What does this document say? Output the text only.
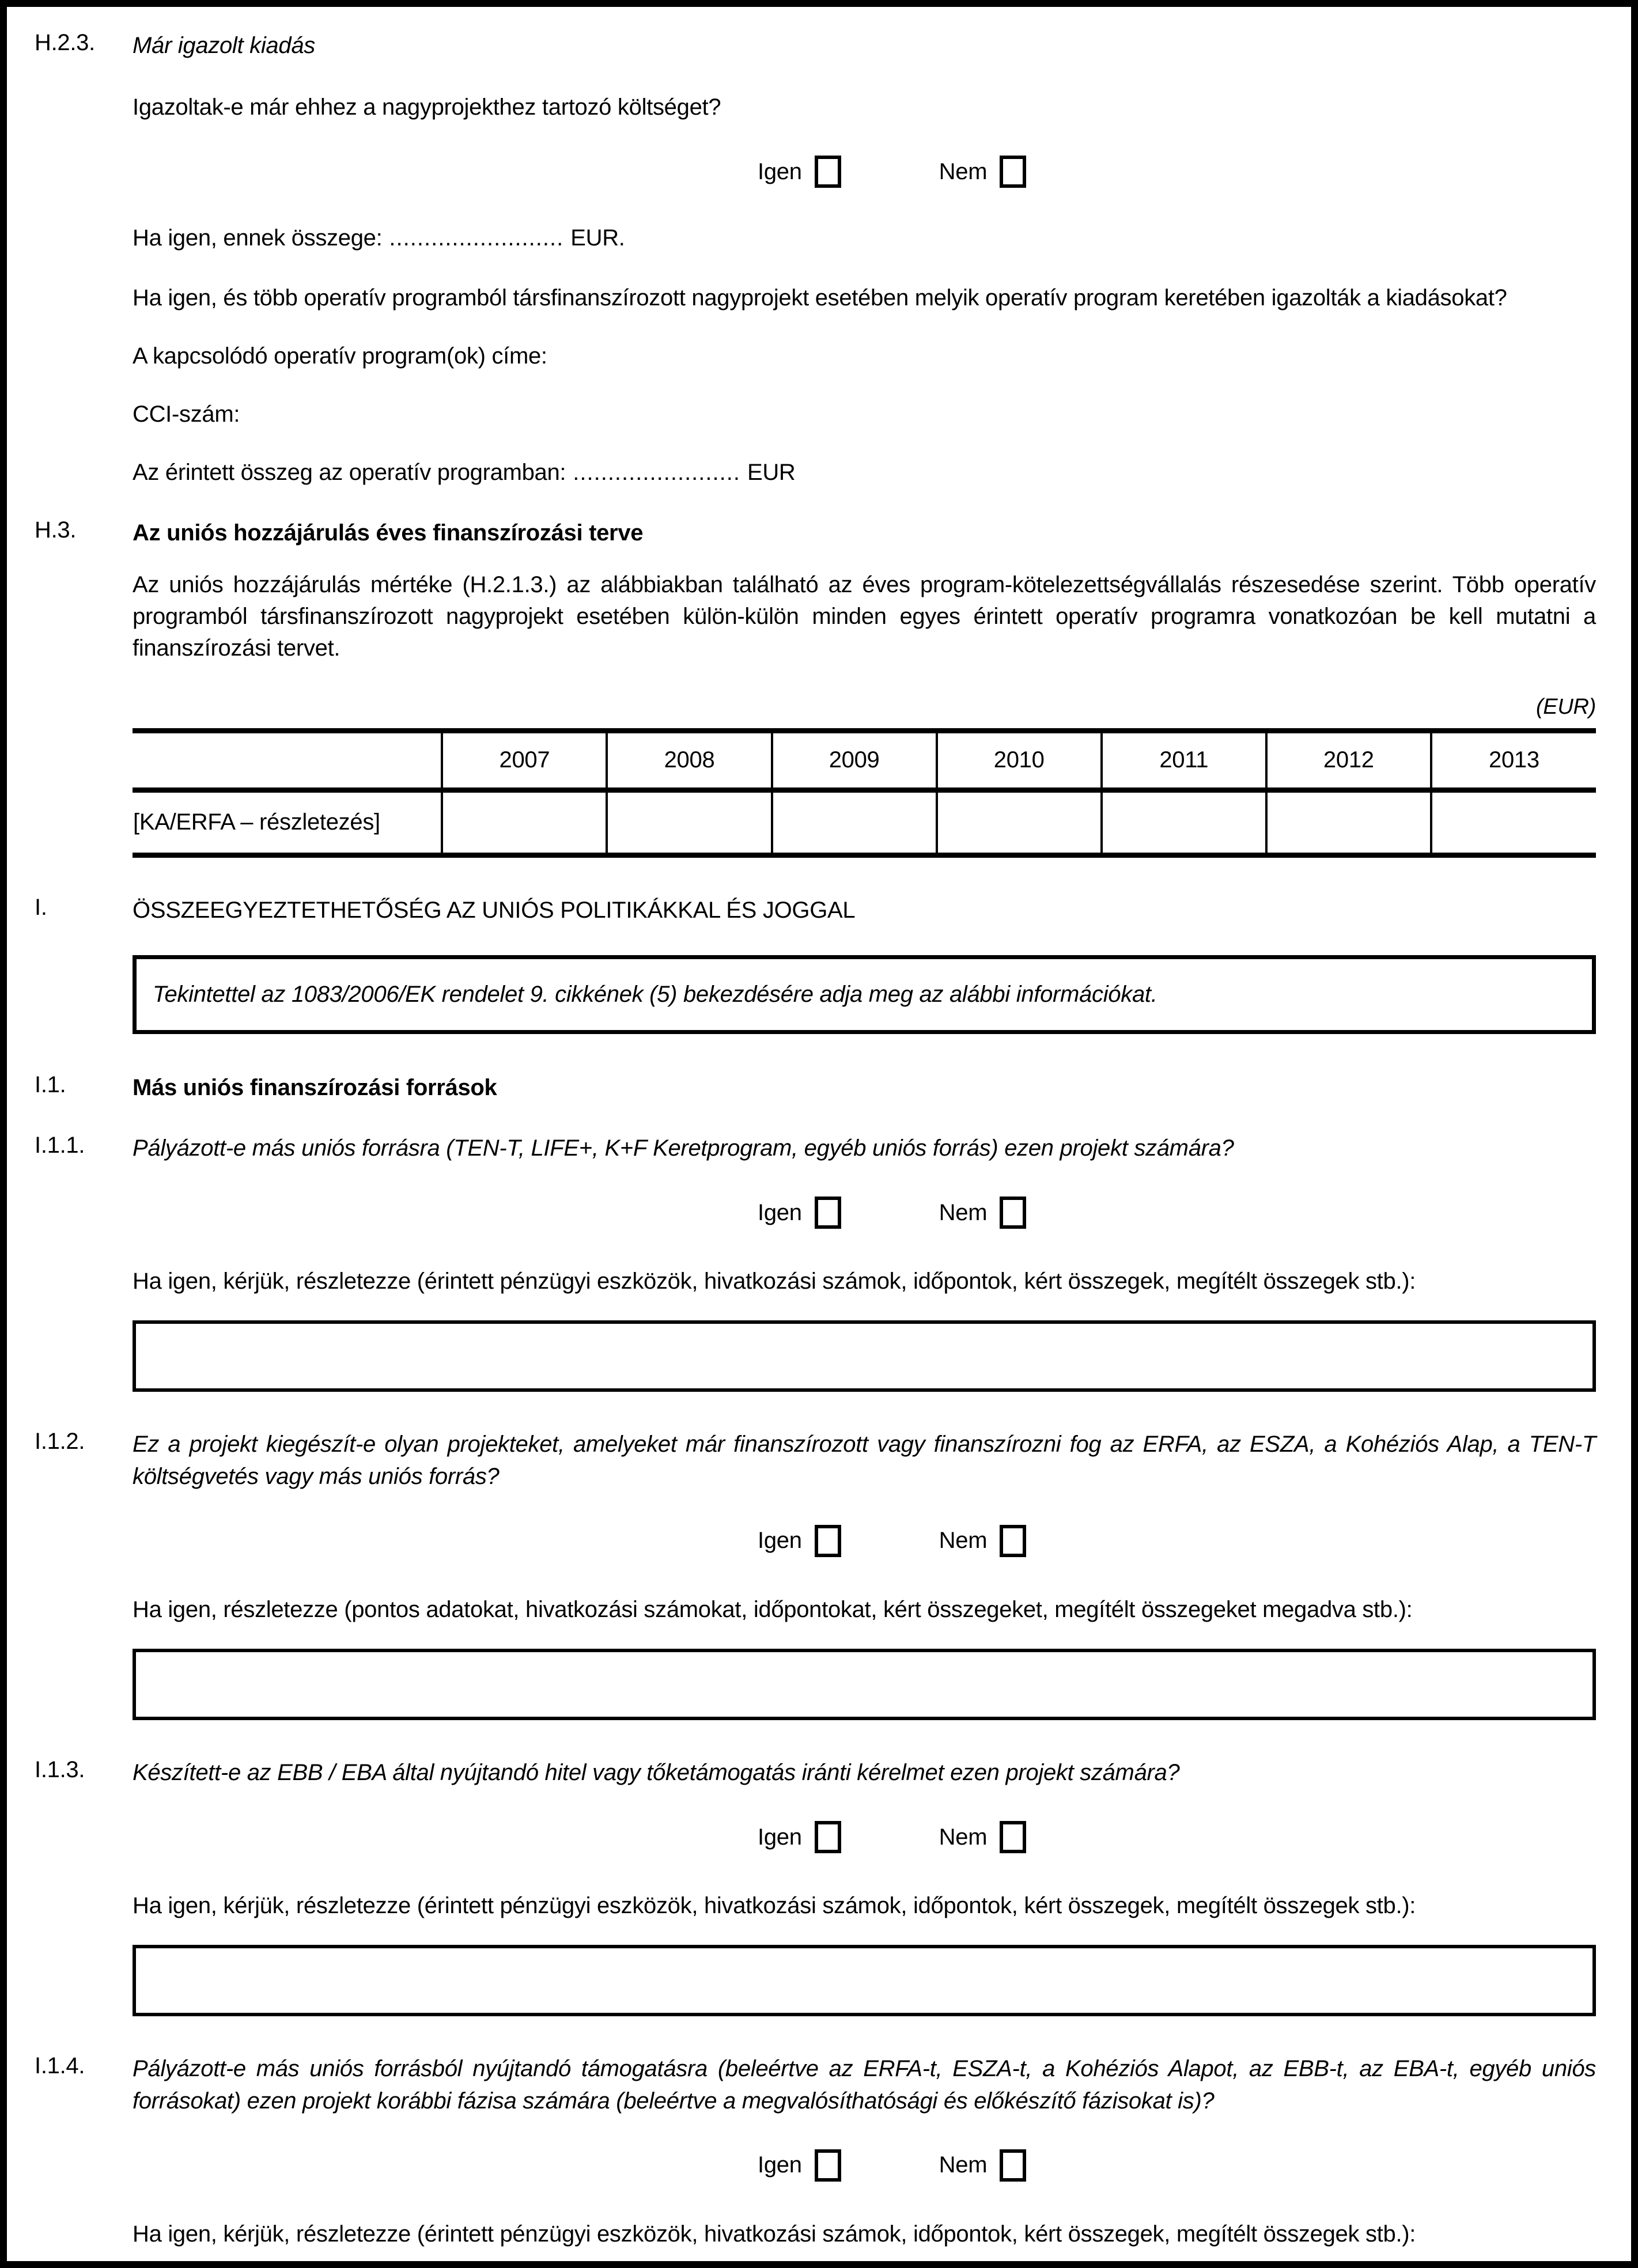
H.2.3.	Már igazolt kiadás
Igazoltak-e már ehhez a nagyprojekthez tartozó költséget?
Igen	Nem
Ha igen, ennek összege: ......................... EUR.
Ha igen, és több operatív programból társfinanszírozott nagyprojekt esetében melyik operatív program keretében igazolták a kiadásokat?
A kapcsolódó operatív program(ok) címe:
CCI-szám:
Az érintett összeg az operatív programban: ........................ EUR
H.3.	Az uniós hozzájárulás éves finanszírozási terve
Az uniós hozzájárulás mértéke (H.2.1.3.) az alábbiakban található az éves program-kötelezettségvállalás részesedése szerint. Több operatív programból társfinanszírozott nagyprojekt esetében külön-külön minden egyes érintett operatív programra vonatkozóan be kell mutatni a finanszírozási tervet.
(EUR)
	2007	2008	2009	2010	2011	2012	2013
[KA/ERFA – részletezés]							
I.	ÖSSZEEGYEZTETHETŐSÉG AZ UNIÓS POLITIKÁKKAL ÉS JOGGAL
Tekintettel az 1083/2006/EK rendelet 9. cikkének (5) bekezdésére adja meg az alábbi információkat.
I.1.	Más uniós finanszírozási források
I.1.1.	Pályázott-e más uniós forrásra (TEN-T, LIFE+, K+F Keretprogram, egyéb uniós forrás) ezen projekt számára?
Igen	Nem
Ha igen, kérjük, részletezze (érintett pénzügyi eszközök, hivatkozási számok, időpontok, kért összegek, megítélt összegek stb.):
I.1.2.	Ez a projekt kiegészít-e olyan projekteket, amelyeket már finanszírozott vagy finanszírozni fog az ERFA, az ESZA, a Kohéziós Alap, a TEN-T költségvetés vagy más uniós forrás?
Igen	Nem
Ha igen, részletezze (pontos adatokat, hivatkozási számokat, időpontokat, kért összegeket, megítélt összegeket megadva stb.):
I.1.3.	Készített-e az EBB / EBA által nyújtandó hitel vagy tőketámogatás iránti kérelmet ezen projekt számára?
Igen	Nem
Ha igen, kérjük, részletezze (érintett pénzügyi eszközök, hivatkozási számok, időpontok, kért összegek, megítélt összegek stb.):
I.1.4.	Pályázott-e más uniós forrásból nyújtandó támogatásra (beleértve az ERFA-t, ESZA-t, a Kohéziós Alapot, az EBB-t, az EBA-t, egyéb uniós forrásokat) ezen projekt korábbi fázisa számára (beleértve a megvalósíthatósági és előkészítő fázisokat is)?
Igen	Nem
Ha igen, kérjük, részletezze (érintett pénzügyi eszközök, hivatkozási számok, időpontok, kért összegek, megítélt összegek stb.):
